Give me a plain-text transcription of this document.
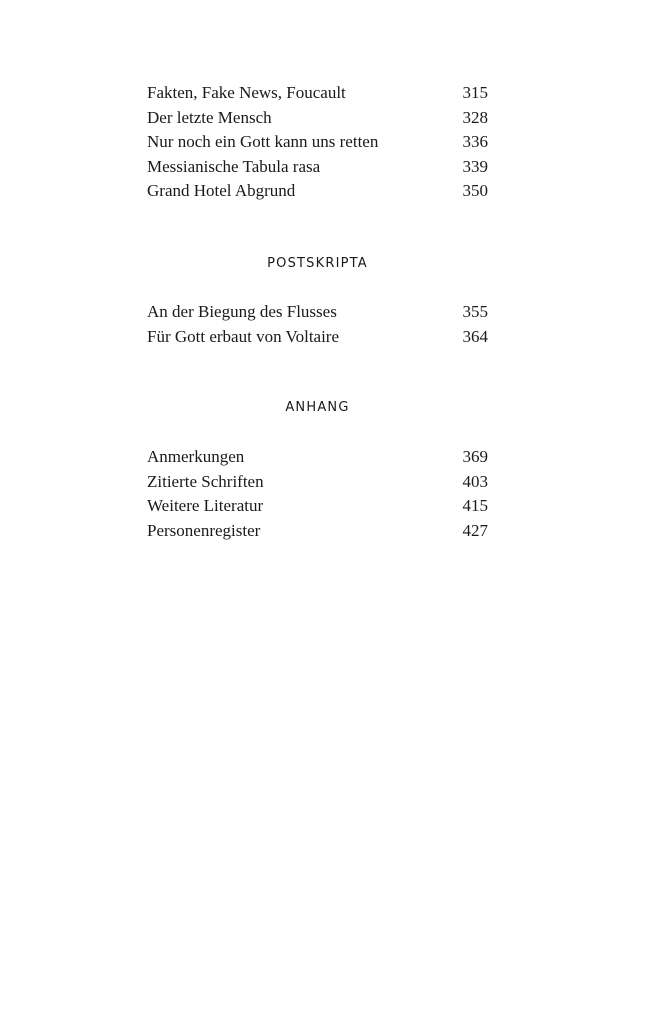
Fakten, Fake News, Foucault	315
Der letzte Mensch	328
Nur noch ein Gott kann uns retten	336
Messianische Tabula rasa	339
Grand Hotel Abgrund	350
POSTSKRIPTA
An der Biegung des Flusses	355
Für Gott erbaut von Voltaire	364
ANHANG
Anmerkungen	369
Zitierte Schriften	403
Weitere Literatur	415
Personenregister	427
